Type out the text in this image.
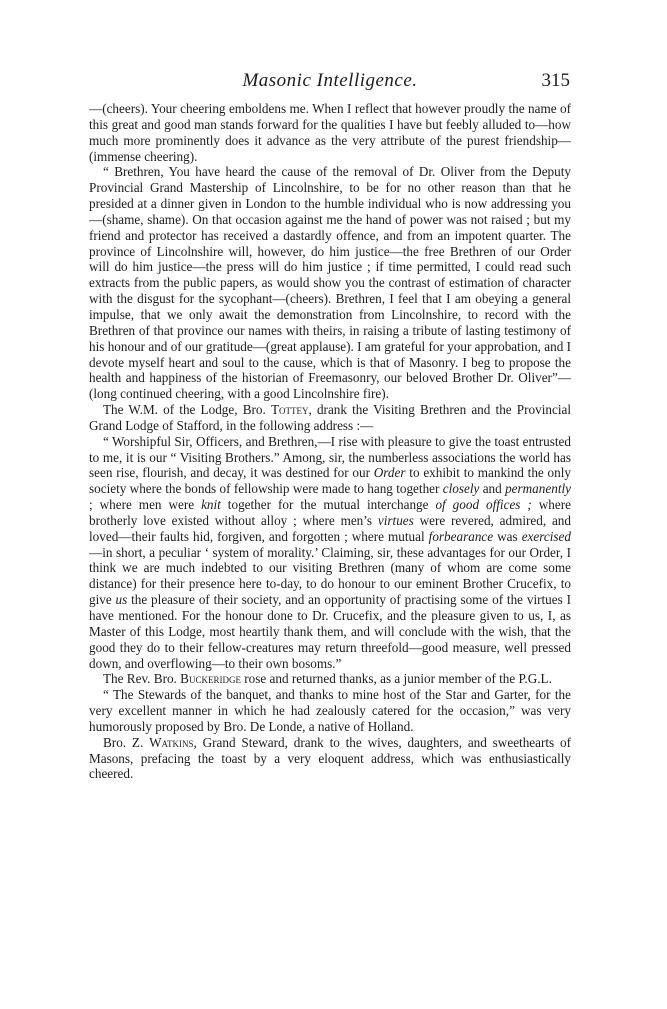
Masonic Intelligence.	315

—(cheers). Your cheering emboldens me. When I reflect that however proudly the name of this great and good man stands forward for the qualities I have but feebly alluded to—how much more prominently does it advance as the very attribute of the purest friendship—(immense cheering).

“ Brethren, You have heard the cause of the removal of Dr. Oliver from the Deputy Provincial Grand Mastership of Lincolnshire, to be for no other reason than that he presided at a dinner given in London to the humble individual who is now addressing you—(shame, shame). On that occasion against me the hand of power was not raised ; but my friend and protector has received a dastardly offence, and from an impotent quarter. The province of Lincolnshire will, however, do him justice—the free Brethren of our Order will do him justice—the press will do him justice ; if time permitted, I could read such extracts from the public papers, as would show you the contrast of estimation of character with the disgust for the sycophant—(cheers). Brethren, I feel that I am obeying a general impulse, that we only await the demonstration from Lincolnshire, to record with the Brethren of that province our names with theirs, in raising a tribute of lasting testimony of his honour and of our gratitude—(great applause). I am grateful for your approbation, and I devote myself heart and soul to the cause, which is that of Masonry. I beg to propose the health and happiness of the historian of Freemasonry, our beloved Brother Dr. Oliver”—(long continued cheering, with a good Lincolnshire fire).

The W.M. of the Lodge, Bro. Tottey, drank the Visiting Brethren and the Provincial Grand Lodge of Stafford, in the following address :—

“ Worshipful Sir, Officers, and Brethren,—I rise with pleasure to give the toast entrusted to me, it is our “ Visiting Brothers.” Among, sir, the numberless associations the world has seen rise, flourish, and decay, it was destined for our Order to exhibit to mankind the only society where the bonds of fellowship were made to hang together closely and permanently ; where men were knit together for the mutual interchange of good offices ; where brotherly love existed without alloy ; where men’s virtues were revered, admired, and loved—their faults hid, forgiven, and forgotten ; where mutual forbearance was exercised—in short, a peculiar ‘ system of morality.’ Claiming, sir, these advantages for our Order, I think we are much indebted to our visiting Brethren (many of whom are come some distance) for their presence here to-day, to do honour to our eminent Brother Crucefix, to give us the pleasure of their society, and an opportunity of practising some of the virtues I have mentioned. For the honour done to Dr. Crucefix, and the pleasure given to us, I, as Master of this Lodge, most heartily thank them, and will conclude with the wish, that the good they do to their fellow-creatures may return threefold—good measure, well pressed down, and overflowing—to their own bosoms.”

The Rev. Bro. Buckeridge rose and returned thanks, as a junior member of the P.G.L.

“ The Stewards of the banquet, and thanks to mine host of the Star and Garter, for the very excellent manner in which he had zealously catered for the occasion,” was very humorously proposed by Bro. De Londe, a native of Holland.

Bro. Z. Watkins, Grand Steward, drank to the wives, daughters, and sweethearts of Masons, prefacing the toast by a very eloquent address, which was enthusiastically cheered.
